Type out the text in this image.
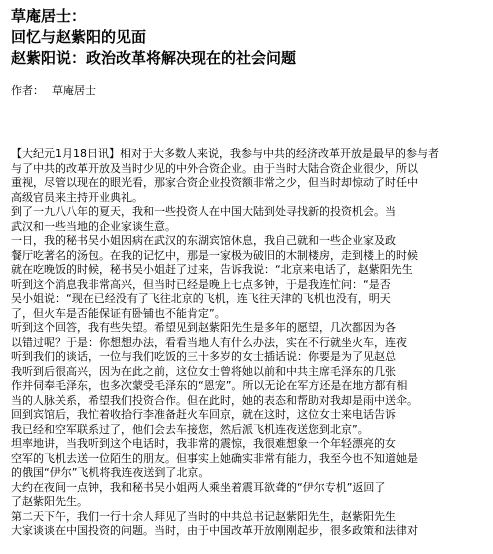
草庵居士：
回忆与赵紫阳的见面
赵紫阳说：政治改革将解决现在的社会问题
作者： 草庵居士
【大纪元1月18日讯】相对于大多数人来说，我参与中共的经济改革开放是最早的参与者
与了中共的改革开放及当时少见的中外合资企业。由于当时大陆合资企业很少，所以
重视，尽管以现在的眼光看，那家合资企业投资额非常之少，但当时却惊动了时任中
高级官员来主持开业典礼。
到了一九八八年的夏天，我和一些投资人在中国大陆到处寻找新的投资机会。当
武汉和一些当地的企业家谈生意。
一日，我的秘书吴小姐因病在武汉的东湖宾馆休息，我自己就和一些企业家及政
餐厅吃著名的汤包。在我的记忆中，那是一家极为破旧的木制楼房，走到楼上的时候
就在吃晚饭的时候，秘书吴小姐赶了过来，告诉我说：“北京来电话了，赵紫阳先生
听到这个消息我非常高兴，但当时已经是晚上七点多钟，于是我连忙问：“是否
吴小姐说：“现在已经没有了飞往北京的飞机，连飞往天津的飞机也没有，明天
了，但火车是否能保证有卧铺也不能肯定”。
听到这个回答，我有些失望。希望见到赵紫阳先生是多年的愿望，几次都因为各
以错过呢？于是：你想想办法，看看当地人有什么办法，实在不行就坐火车，连夜
听到我们的谈话，一位与我们吃饭的三十多岁的女士插话说：你要是为了见赵总
我听到后很高兴，因为在此之前，这位女士曾将她以前和中共主席毛泽东的几张
作并伺奉毛泽东，也多次蒙受毛泽东的“恩宠”。所以无论在军方还是在地方都有相
当的人脉关系，希望我们投资合作。但在此时，她的表态和帮助对我却是雨中送伞。
回到宾馆后，我忙着收拾行李准备赶火车回京，就在这时，这位女士来电话告诉
我已经和空军联系过了，他们会去车接您，然后派飞机连夜送您到北京”。
坦率地讲，当我听到这个电话时，我非常的震惊，我很难想象一个年轻漂亮的女
空军的飞机去送一位陌生的朋友。但事实上她确实非常有能力，我至今也不知道她是
的俄国“伊尔”飞机将我连夜送到了北京。
大约在夜间一点钟，我和秘书吴小姐两人乘坐着震耳欲聋的“伊尔专机”返回了
了赵紫阳先生。
第二天下午，我们一行十余人拜见了当时的中共总书记赵紫阳先生，赵紫阳先生
大家谈谈在中国投资的问题。当时，由于中国改革开放刚刚起步，很多政策和法律对
